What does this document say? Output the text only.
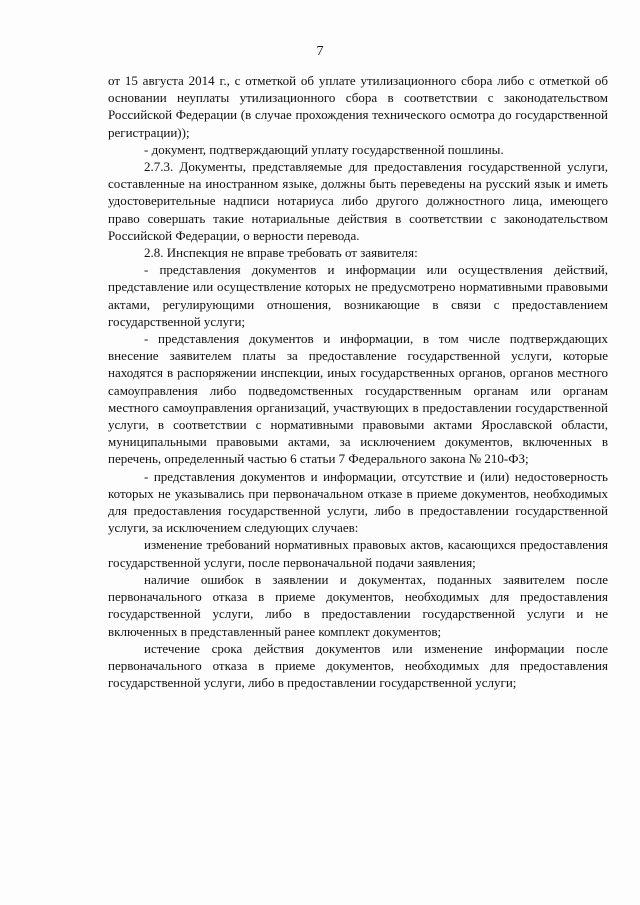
7

от 15 августа 2014 г., с отметкой об уплате утилизационного сбора либо с отметкой об основании неуплаты утилизационного сбора в соответствии с законодательством Российской Федерации (в случае прохождения технического осмотра до государственной регистрации));

- документ, подтверждающий уплату государственной пошлины.

2.7.3. Документы, представляемые для предоставления государственной услуги, составленные на иностранном языке, должны быть переведены на русский язык и иметь удостоверительные надписи нотариуса либо другого должностного лица, имеющего право совершать такие нотариальные действия в соответствии с законодательством Российской Федерации, о верности перевода.

2.8. Инспекция не вправе требовать от заявителя:

- представления документов и информации или осуществления действий, представление или осуществление которых не предусмотрено нормативными правовыми актами, регулирующими отношения, возникающие в связи с предоставлением государственной услуги;

- представления документов и информации, в том числе подтверждающих внесение заявителем платы за предоставление государственной услуги, которые находятся в распоряжении инспекции, иных государственных органов, органов местного самоуправления либо подведомственных государственным органам или органам местного самоуправления организаций, участвующих в предоставлении государственной услуги, в соответствии с нормативными правовыми актами Ярославской области, муниципальными правовыми актами, за исключением документов, включенных в перечень, определенный частью 6 статьи 7 Федерального закона № 210-ФЗ;

- представления документов и информации, отсутствие и (или) недостоверность которых не указывались при первоначальном отказе в приеме документов, необходимых для предоставления государственной услуги, либо в предоставлении государственной услуги, за исключением следующих случаев:

изменение требований нормативных правовых актов, касающихся предоставления государственной услуги, после первоначальной подачи заявления;

наличие ошибок в заявлении и документах, поданных заявителем после первоначального отказа в приеме документов, необходимых для предоставления государственной услуги, либо в предоставлении государственной услуги и не включенных в представленный ранее комплект документов;

истечение срока действия документов или изменение информации после первоначального отказа в приеме документов, необходимых для предоставления государственной услуги, либо в предоставлении государственной услуги;
